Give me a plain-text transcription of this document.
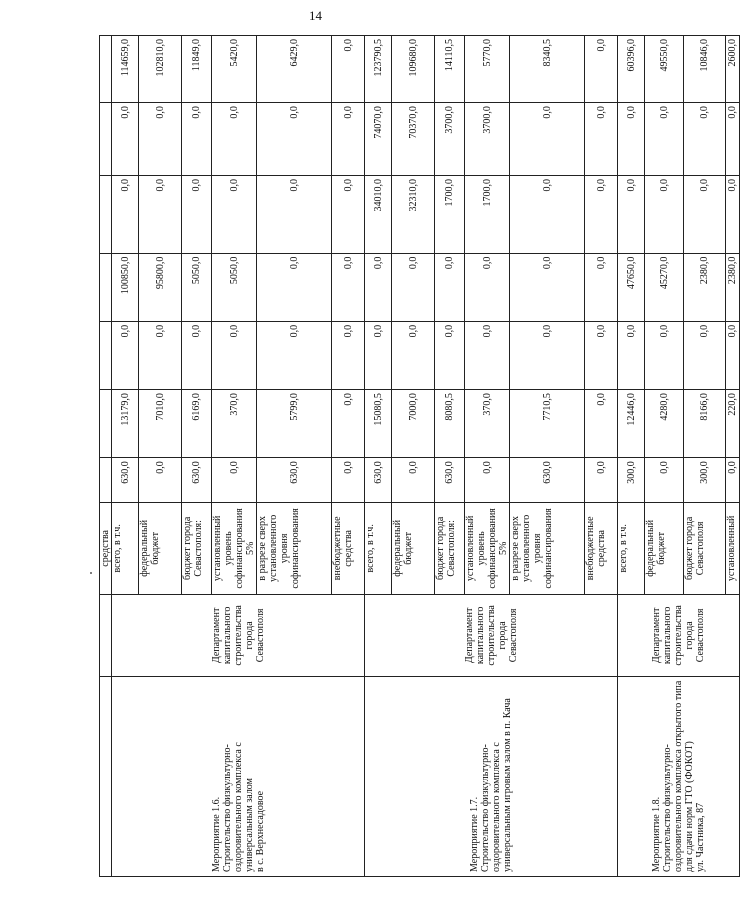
14
		средства							
Мероприятие 1.6.
Строительство физкультурно-оздоровительного комплекса с универсальным залом
в с. Верхнесадовое	Департамент капитального строительства города Севастополя	всего, в т.ч.	630,0	13179,0	0,0	100850,0	0,0	0,0	114659,0
		федеральный бюджет	0,0	7010,0	0,0	95800,0	0,0	0,0	102810,0
		бюджет города Севастополя:	630,0	6169,0	0,0	5050,0	0,0	0,0	11849,0
		установленный уровень софинансирования 5%	0,0	370,0	0,0	5050,0	0,0	0,0	5420,0
		в разрезе сверх установленного уровня софинансирования	630,0	5799,0	0,0	0,0	0,0	0,0	6429,0
		внебюджетные средства	0,0	0,0	0,0	0,0	0,0	0,0	0,0
Мероприятие 1.7.
Строительство физкультурно-оздоровительного комплекса с универсальным игровым залом в п. Кача	Департамент капитального строительства города Севастополя	всего, в т.ч.	630,0	15080,5	0,0	0,0	34010,0	74070,0	123790,5
		федеральный бюджет	0,0	7000,0	0,0	0,0	32310,0	70370,0	109680,0
		бюджет города Севастополя:	630,0	8080,5	0,0	0,0	1700,0	3700,0	14110,5
		установленный уровень софинансирования 5%	0,0	370,0	0,0	0,0	1700,0	3700,0	5770,0
		в разрезе сверх установленного уровня софинансирования	630,0	7710,5	0,0	0,0	0,0	0,0	8340,5
		внебюджетные средства	0,0	0,0	0,0	0,0	0,0	0,0	0,0
Мероприятие 1.8.
Строительство физкультурно-оздоровительного комплекса открытого типа для сдачи норм ГТО (ФОКОТ)
ул. Частника, 87	Департамент капитального строительства города Севастополя	всего, в т.ч.	300,0	12446,0	0,0	47650,0	0,0	0,0	60396,0
		федеральный бюджет	0,0	4280,0	0,0	45270,0	0,0	0,0	49550,0
		бюджет города Севастополя	300,0	8166,0	0,0	2380,0	0,0	0,0	10846,0
		установленный	0,0	220,0	0,0	2380,0	0,0	0,0	2600,0
